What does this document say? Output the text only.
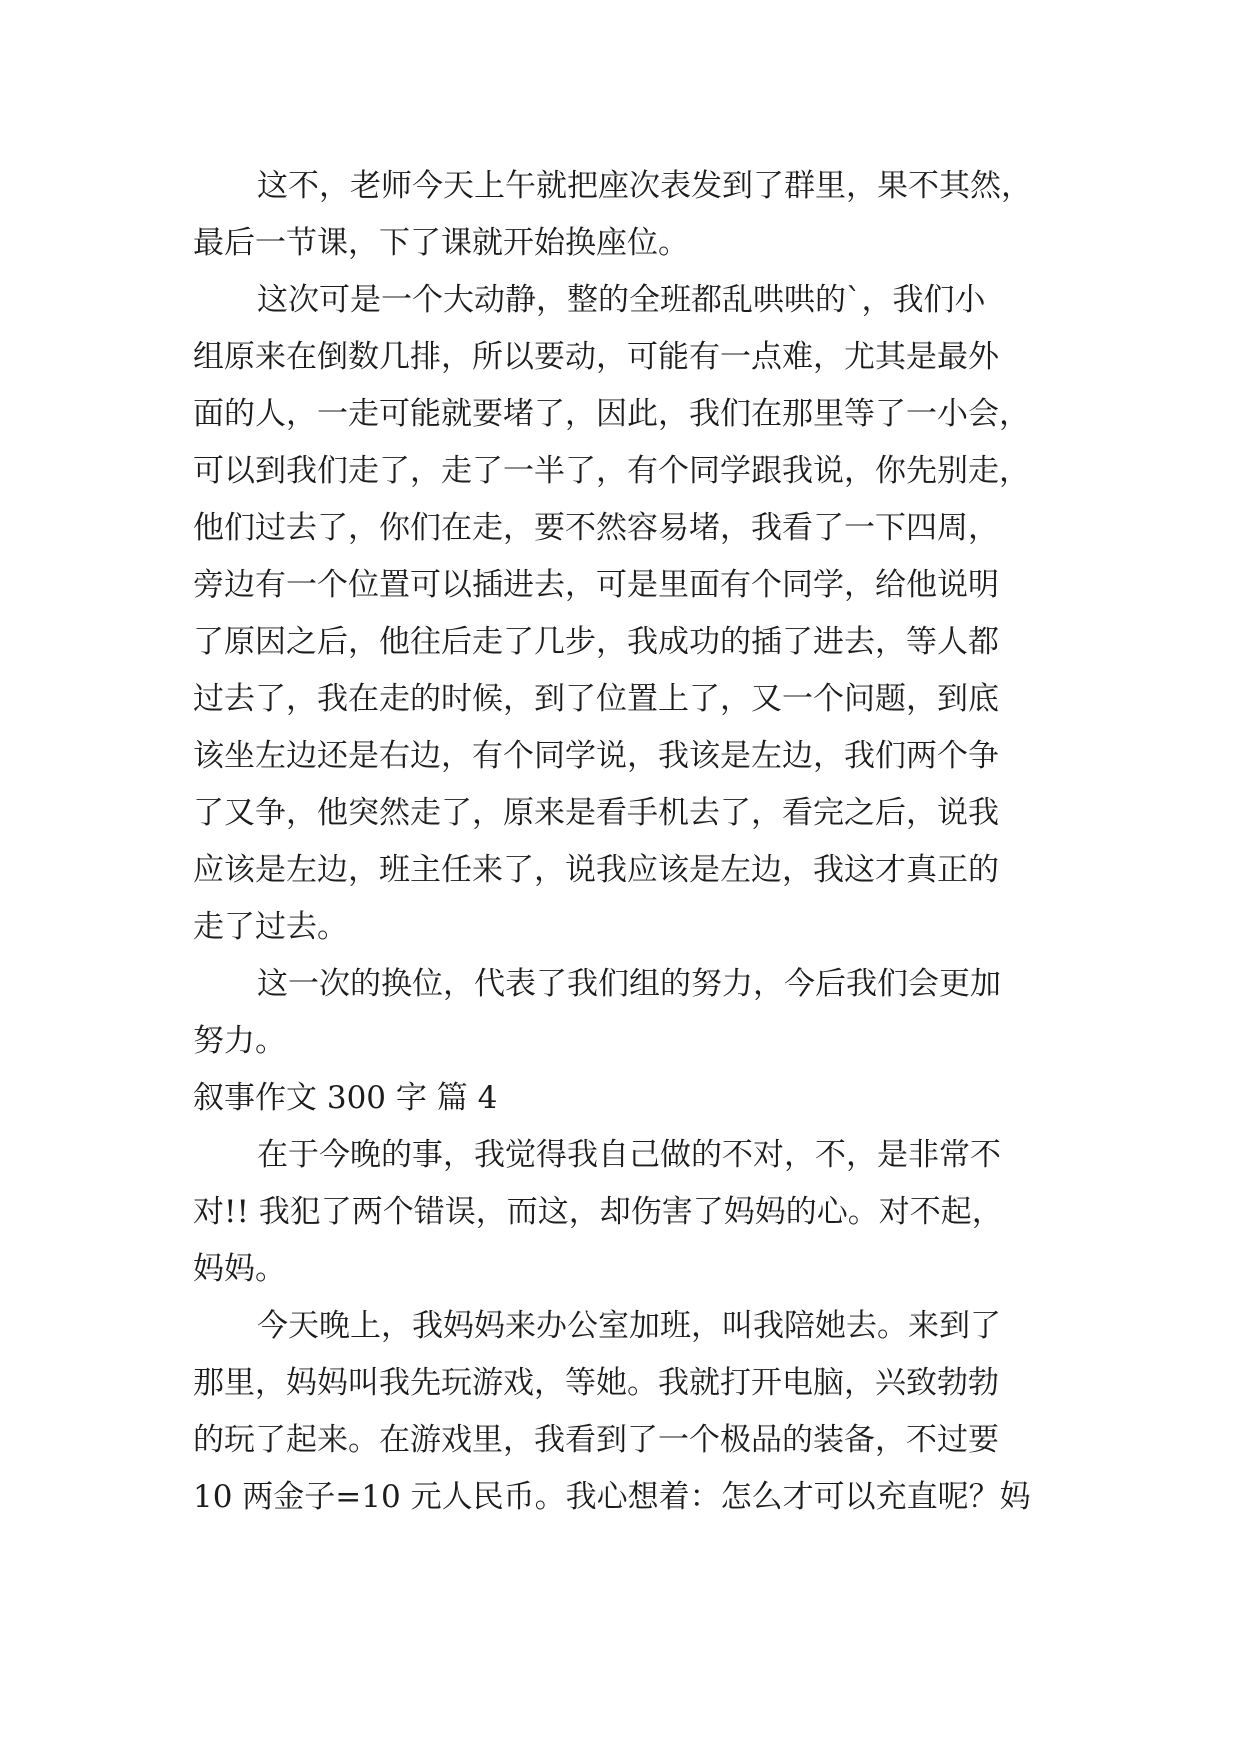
这不，老师今天上午就把座次表发到了群里，果不其然，
最后一节课，下了课就开始换座位。
这次可是一个大动静，整的全班都乱哄哄的`，我们小
组原来在倒数几排，所以要动，可能有一点难，尤其是最外
面的人，一走可能就要堵了，因此，我们在那里等了一小会，
可以到我们走了，走了一半了，有个同学跟我说，你先别走，
他们过去了，你们在走，要不然容易堵，我看了一下四周，
旁边有一个位置可以插进去，可是里面有个同学，给他说明
了原因之后，他往后走了几步，我成功的插了进去，等人都
过去了，我在走的时候，到了位置上了，又一个问题，到底
该坐左边还是右边，有个同学说，我该是左边，我们两个争
了又争，他突然走了，原来是看手机去了，看完之后，说我
应该是左边，班主任来了，说我应该是左边，我这才真正的
走了过去。
这一次的换位，代表了我们组的努力，今后我们会更加
努力。
叙事作文 300 字 篇 4
在于今晚的事，我觉得我自己做的不对，不，是非常不
对!! 我犯了两个错误，而这，却伤害了妈妈的心。对不起，
妈妈。
今天晚上，我妈妈来办公室加班，叫我陪她去。来到了
那里，妈妈叫我先玩游戏，等她。我就打开电脑，兴致勃勃
的玩了起来。在游戏里，我看到了一个极品的装备，不过要
10 两金子=10 元人民币。我心想着：怎么才可以充直呢？妈
